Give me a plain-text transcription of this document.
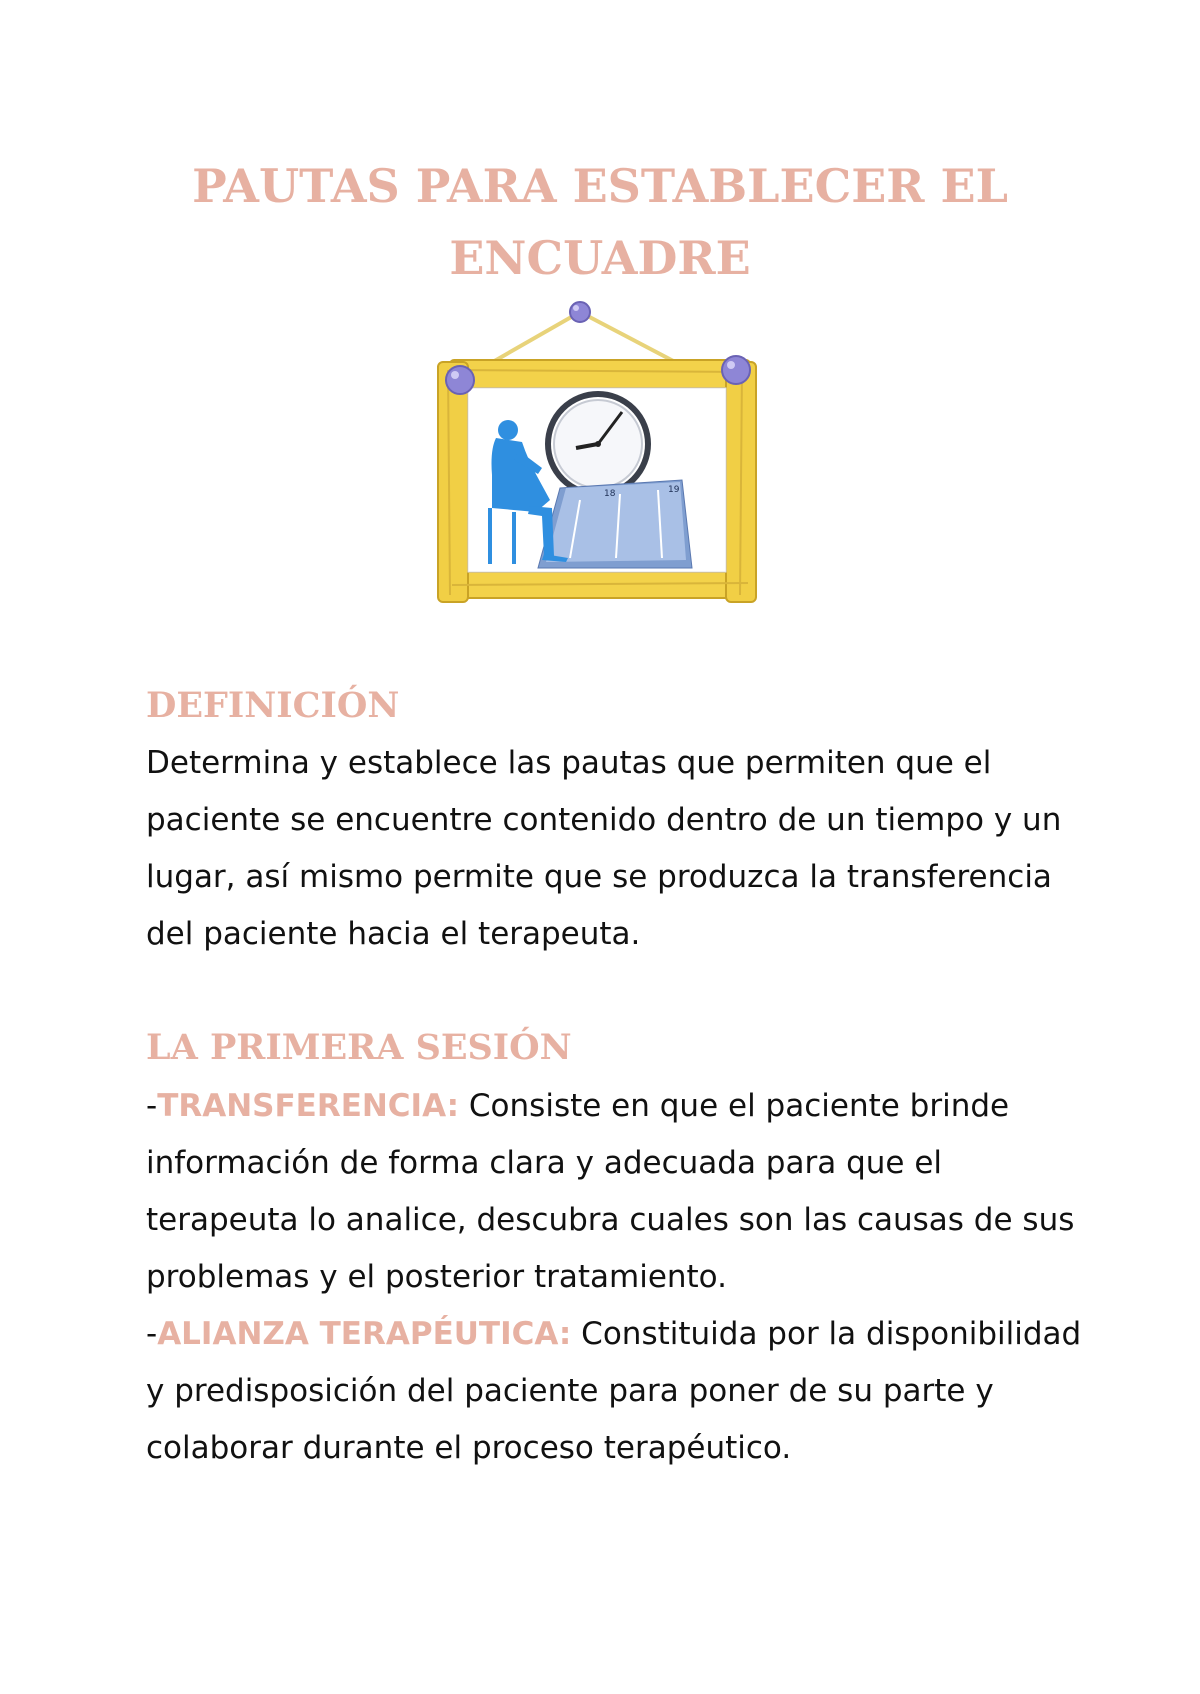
PAUTAS PARA ESTABLECER EL
ENCUADRE
18	19
DEFINICIÓN

Determina y establece las pautas que permiten que el paciente se encuentre contenido dentro de un tiempo y un lugar, así mismo permite que se produzca la transferencia del paciente hacia el terapeuta.

LA PRIMERA SESIÓN

-TRANSFERENCIA: Consiste en que el paciente brinde información de forma clara y adecuada para que el terapeuta lo analice, descubra cuales son las causas de sus problemas y el posterior tratamiento.

-ALIANZA TERAPÉUTICA: Constituida por la disponibilidad y predisposición del paciente para poner de su parte y colaborar durante el proceso terapéutico.
